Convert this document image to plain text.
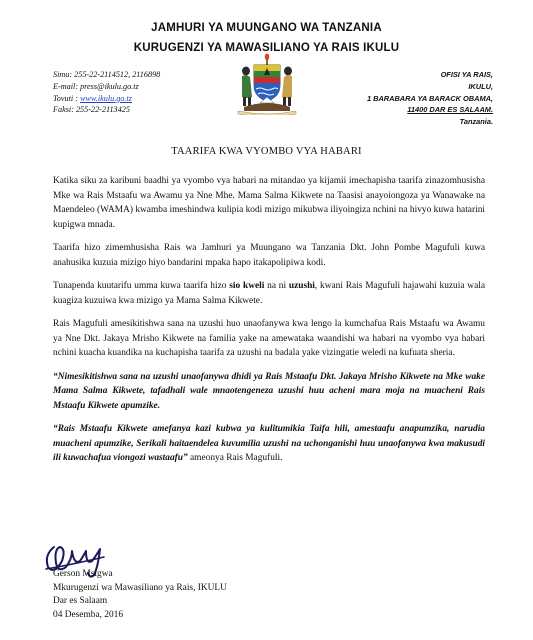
JAMHURI YA MUUNGANO WA TANZANIA
KURUGENZI YA MAWASILIANO YA RAIS IKULU
Simu: 255-22-2114512, 2116898
E-mail: press@ikulu.go.tz
Tovuti : www.ikulu.go.tz
Faksi: 255-22-2113425
OFISI YA RAIS,
IKULU,
1 BARABARA YA BARACK OBAMA,
11400 DAR ES SALAAM.
Tanzania.
TAARIFA KWA VYOMBO VYA HABARI

Katika siku za karibuni baadhi ya vyombo vya habari na mitandao ya kijamii imechapisha taarifa zinazomhusisha Mke wa Rais Mstaafu wa Awamu ya Nne Mhe. Mama Salma Kikwete na Taasisi anayoiongoza ya Wanawake na Maendeleo (WAMA) kwamba imeshindwa kulipia kodi mizigo mikubwa iliyoingiza nchini na hivyo kuwa hatarini kupigwa mnada.

Taarifa hizo zimemhusisha Rais wa Jamhuri ya Muungano wa Tanzania Dkt. John Pombe Magufuli kuwa anahusika kuzuia mizigo hiyo bandarini mpaka hapo itakapolipiwa kodi.

Tunapenda kuutarifu umma kuwa taarifa hizo sio kweli na ni uzushi, kwani Rais Magufuli hajawahi kuzuia wala kuagiza kuzuiwa kwa mizigo ya Mama Salma Kikwete.

Rais Magufuli amesikitishwa sana na uzushi huo unaofanywa kwa lengo la kumchafua Rais Mstaafu wa Awamu ya Nne Dkt. Jakaya Mrisho Kikwete na familia yake na amewataka waandishi wa habari na vyombo vya habari nchini kuacha kuandika na kuchapisha taarifa za uzushi na badala yake vizingatie weledi na kufuata sheria.

“Nimesikitishwa sana na uzushi unaofanywa dhidi ya Rais Mstaafu Dkt. Jakaya Mrisho Kikwete na Mke wake Mama Salma Kikwete, tafadhali wale mnaotengeneza uzushi huu acheni mara moja na muacheni Rais Mstaafu Kikwete apumzike.

“Rais Mstaafu Kikwete amefanya kazi kubwa ya kulitumikia Taifa hili, amestaafu anapumzika, narudia muacheni apumzike, Serikali haitaendelea kuvumilia uzushi na uchonganishi huu unaofanywa kwa makusudi ili kuwachafua viongozi wastaafu” ameonya Rais Magufuli.

Gerson Msigwa
Mkurugenzi wa Mawasiliano ya Rais, IKULU
Dar es Salaam
04 Desemba, 2016
